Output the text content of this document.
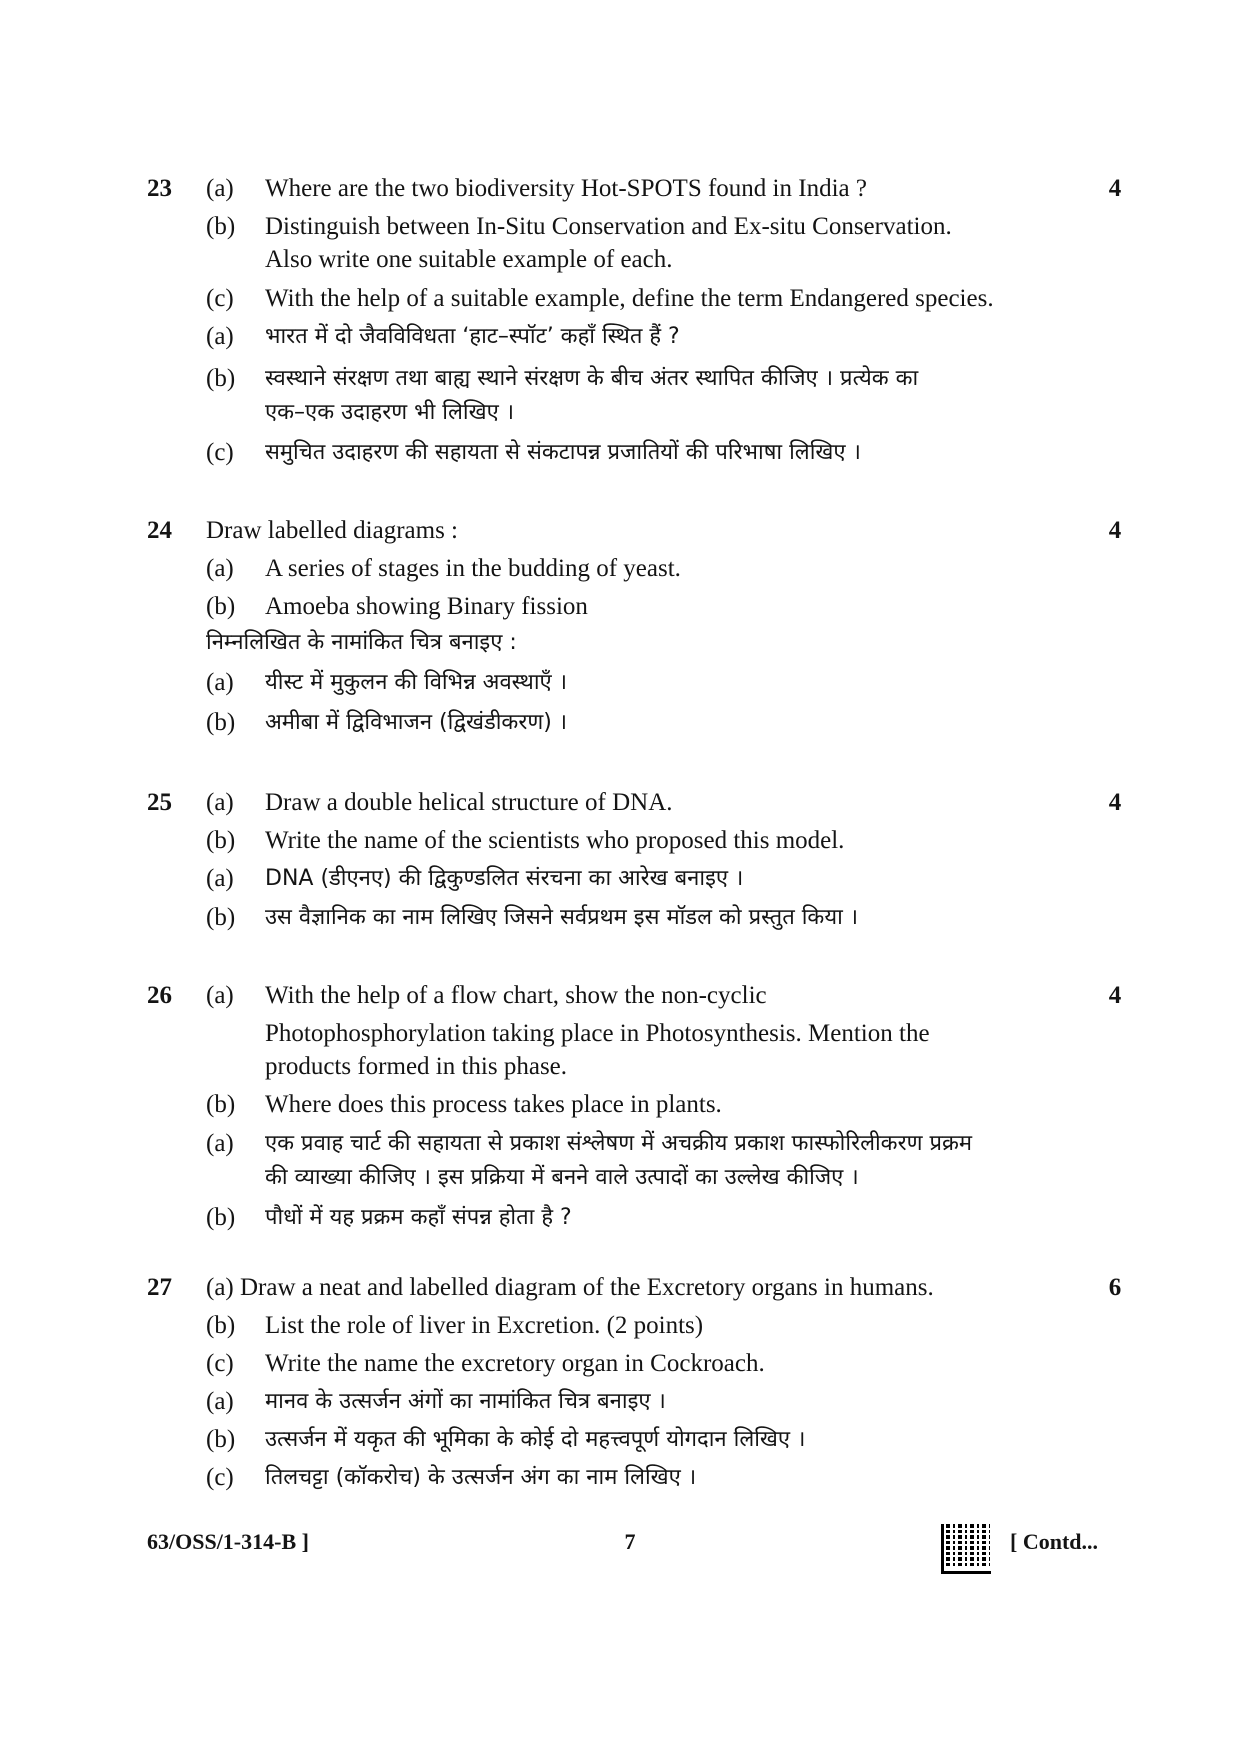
23	4
(a)	Where are the two biodiversity Hot-SPOTS found in India ?
(b)	Distinguish between In-Situ Conservation and Ex-situ Conservation.
Also write one suitable example of each.
(c)	With the help of a suitable example, define the term Endangered species.
(a)	भारत में दो जैवविविधता ‘हाट–स्पॉट’ कहाँ स्थित हैं ?
(b)	स्वस्थाने संरक्षण तथा बाह्य स्थाने संरक्षण के बीच अंतर स्थापित कीजिए । प्रत्येक का
एक–एक उदाहरण भी लिखिए ।
(c)	समुचित उदाहरण की सहायता से संकटापन्न प्रजातियों की परिभाषा लिखिए ।
24	4
Draw labelled diagrams :
(a)	A series of stages in the budding of yeast.
(b)	Amoeba showing Binary fission
निम्नलिखित के नामांकित चित्र बनाइए :
(a)	यीस्ट में मुकुलन की विभिन्न अवस्थाएँ ।
(b)	अमीबा में द्विविभाजन (द्विखंडीकरण) ।
25	4
(a)	Draw a double helical structure of DNA.
(b)	Write the name of the scientists who proposed this model.
(a)	DNA (डीएनए) की द्विकुण्डलित संरचना का आरेख बनाइए ।
(b)	उस वैज्ञानिक का नाम लिखिए जिसने सर्वप्रथम इस मॉडल को प्रस्तुत किया ।
26	4
(a)	With the help of a flow chart, show the non-cyclic
Photophosphorylation taking place in Photosynthesis. Mention the
products formed in this phase.
(b)	Where does this process takes place in plants.
(a)	एक प्रवाह चार्ट की सहायता से प्रकाश संश्लेषण में अचक्रीय प्रकाश फास्फोरिलीकरण प्रक्रम
की व्याख्या कीजिए । इस प्रक्रिया में बनने वाले उत्पादों का उल्लेख कीजिए ।
(b)	पौधों में यह प्रक्रम कहाँ संपन्न होता है ?
27	6
(a) Draw a neat and labelled diagram of the Excretory organs in humans.
(b)	List the role of liver in Excretion. (2 points)
(c)	Write the name the excretory organ in Cockroach.
(a)	मानव के उत्सर्जन अंगों का नामांकित चित्र बनाइए ।
(b)	उत्सर्जन में यकृत की भूमिका के कोई दो महत्त्वपूर्ण योगदान लिखिए ।
(c)	तिलचट्टा (कॉकरोच) के उत्सर्जन अंग का नाम लिखिए ।
63/OSS/1-314-B ]	7	[ Contd...
